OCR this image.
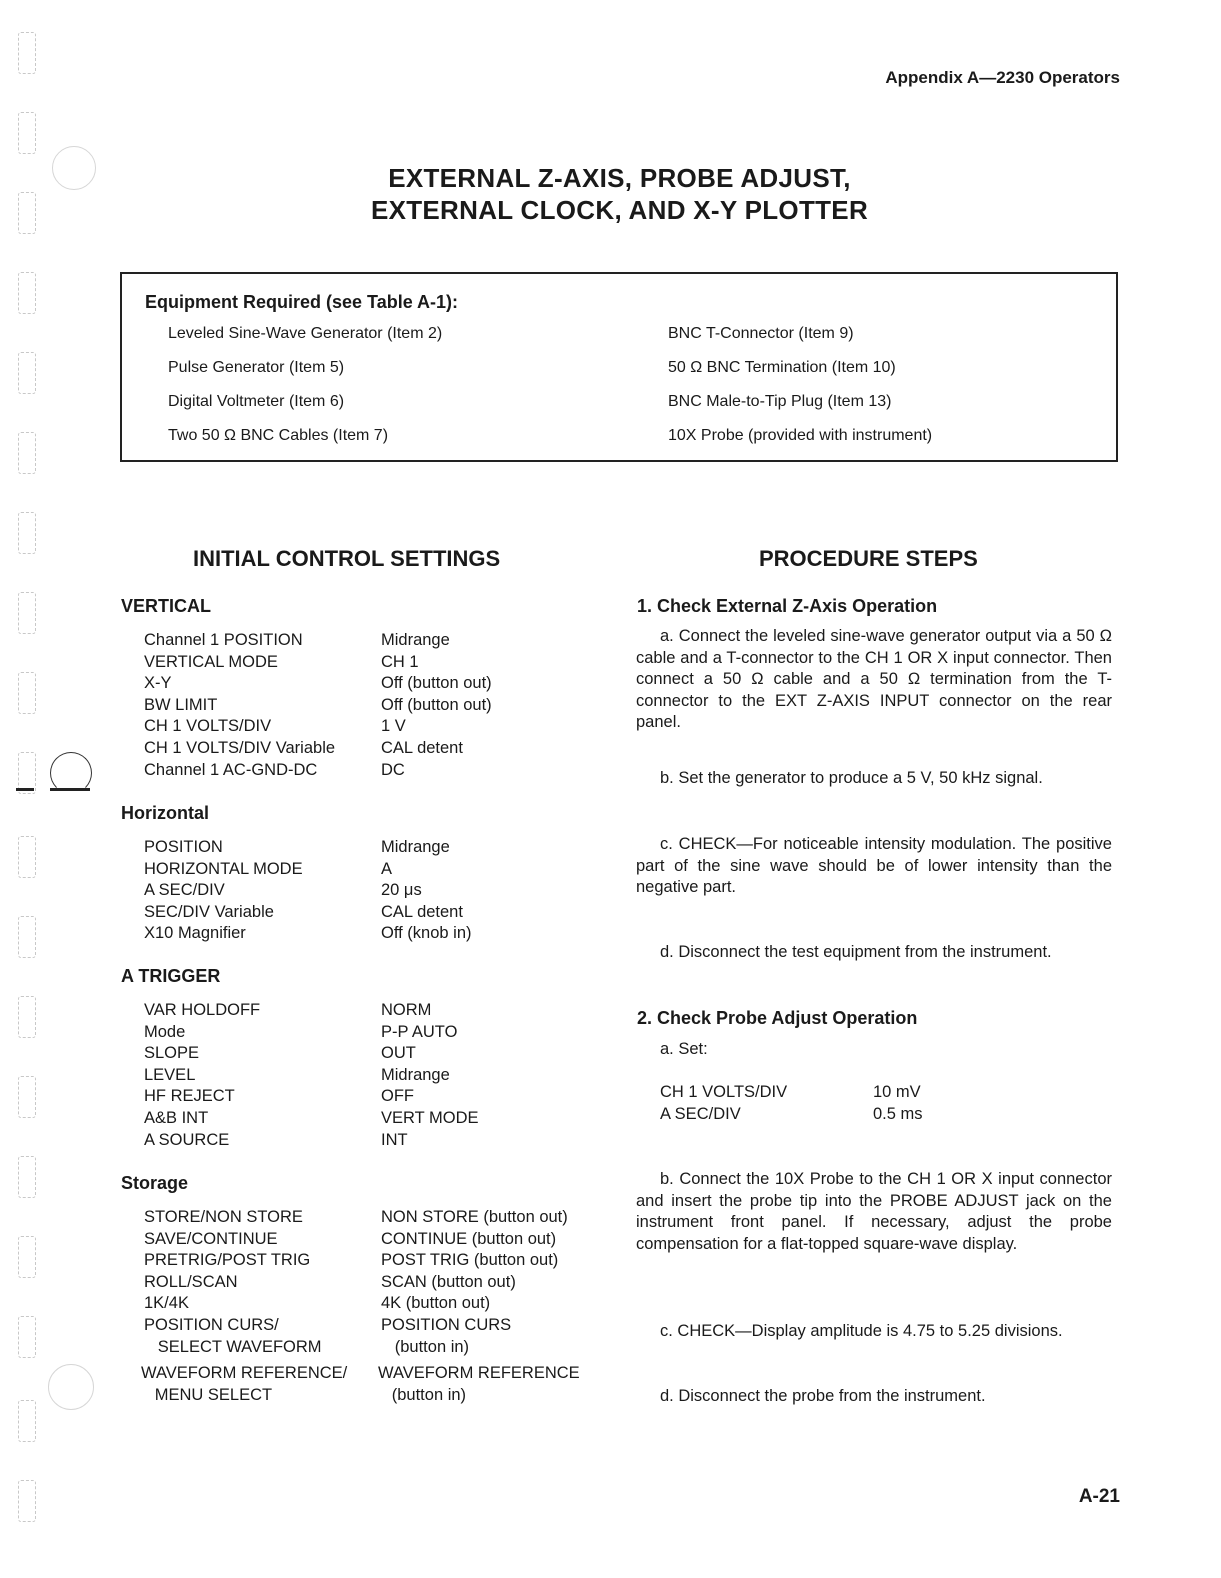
Appendix A—2230 Operators
EXTERNAL Z-AXIS, PROBE ADJUST,
EXTERNAL CLOCK, AND X-Y PLOTTER
Equipment Required (see Table A-1):
Leveled Sine-Wave Generator (Item 2)
Pulse Generator (Item 5)
Digital Voltmeter (Item 6)
Two 50 Ω BNC Cables (Item 7)
BNC T-Connector (Item 9)
50 Ω BNC Termination (Item 10)
BNC Male-to-Tip Plug (Item 13)
10X Probe (provided with instrument)
INITIAL CONTROL SETTINGS
VERTICAL
Channel 1 POSITION
VERTICAL MODE
X-Y
BW LIMIT
CH 1 VOLTS/DIV
CH 1 VOLTS/DIV Variable
Channel 1 AC-GND-DC
Midrange
CH 1
Off (button out)
Off (button out)
1 V
CAL detent
DC
Horizontal
POSITION
HORIZONTAL MODE
A SEC/DIV
SEC/DIV Variable
X10 Magnifier
Midrange
A
20 μs
CAL detent
Off (knob in)
A TRIGGER
VAR HOLDOFF
Mode
SLOPE
LEVEL
HF REJECT
A&B INT
A SOURCE
NORM
P-P AUTO
OUT
Midrange
OFF
VERT MODE
INT
Storage
STORE/NON STORE
SAVE/CONTINUE
PRETRIG/POST TRIG
ROLL/SCAN
1K/4K
POSITION CURS/
SELECT WAVEFORM
WAVEFORM REFERENCE/
MENU SELECT
NON STORE (button out)
CONTINUE (button out)
POST TRIG (button out)
SCAN (button out)
4K (button out)
POSITION CURS
(button in)
WAVEFORM REFERENCE
(button in)
PROCEDURE STEPS
1. Check External Z-Axis Operation
a. Connect the leveled sine-wave generator output via a 50 Ω cable and a T-connector to the CH 1 OR X input connector. Then connect a 50 Ω cable and a 50 Ω termination from the T-connector to the EXT Z-AXIS INPUT connector on the rear panel.
b. Set the generator to produce a 5 V, 50 kHz signal.
c. CHECK—For noticeable intensity modulation. The positive part of the sine wave should be of lower intensity than the negative part.
d. Disconnect the test equipment from the instrument.
2. Check Probe Adjust Operation
a. Set:
CH 1 VOLTS/DIV
A SEC/DIV
10 mV
0.5 ms
b. Connect the 10X Probe to the CH 1 OR X input connector and insert the probe tip into the PROBE ADJUST jack on the instrument front panel. If necessary, adjust the probe compensation for a flat-topped square-wave display.
c. CHECK—Display amplitude is 4.75 to 5.25 divisions.
d. Disconnect the probe from the instrument.
A-21
